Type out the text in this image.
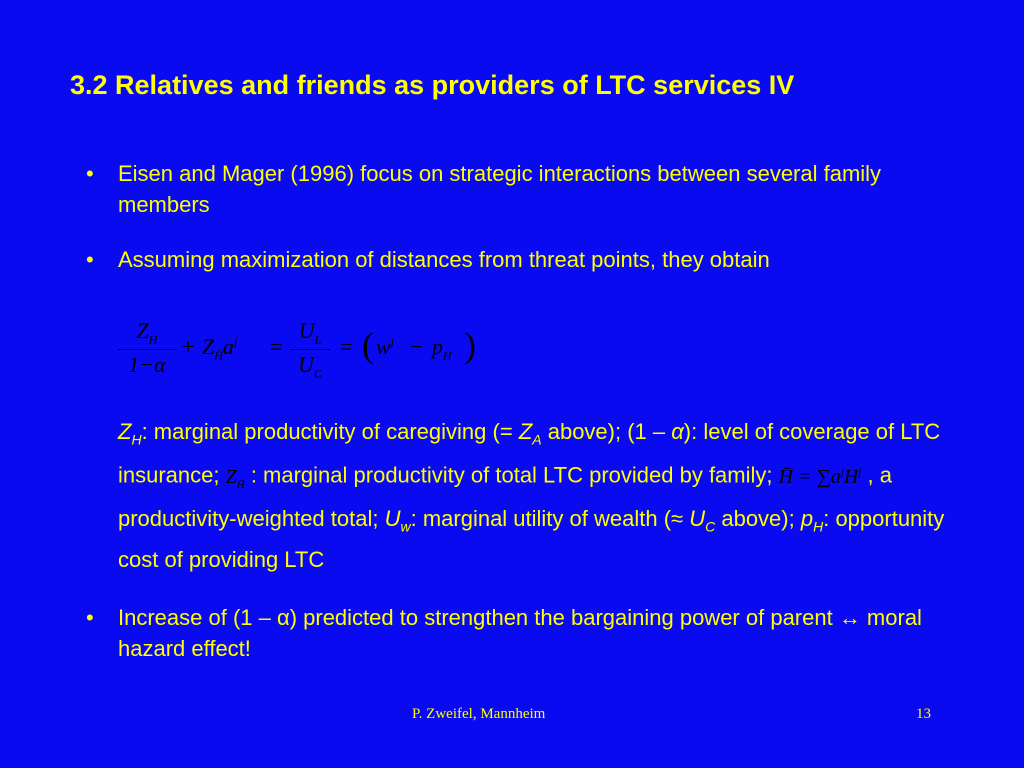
3.2 Relatives and friends as providers of LTC services IV
• Eisen and Mager (1996) focus on strategic interactions between several family members
• Assuming maximization of distances from threat points, they obtain
$Z_H$
1−α
+ $Z_{H̄}a^j$ =
$U_L$
$U_C$
= ( $w^j - p_H$ )
$Z_H$: marginal productivity of caregiving (= $Z_A$ above); (1 – α): level of coverage of LTC insurance; $Z_{H̄}$ : marginal productivity of total LTC provided by family; H̄ = $\sum a^jH^j$ , a productivity-weighted total; $U_w$: marginal utility of wealth (≈ $U_C$ above); $p_H$: opportunity cost of providing LTC
• Increase of (1 – α) predicted to strengthen the bargaining power of parent ↔ moral hazard effect!
P. Zweifel, Mannheim	13
